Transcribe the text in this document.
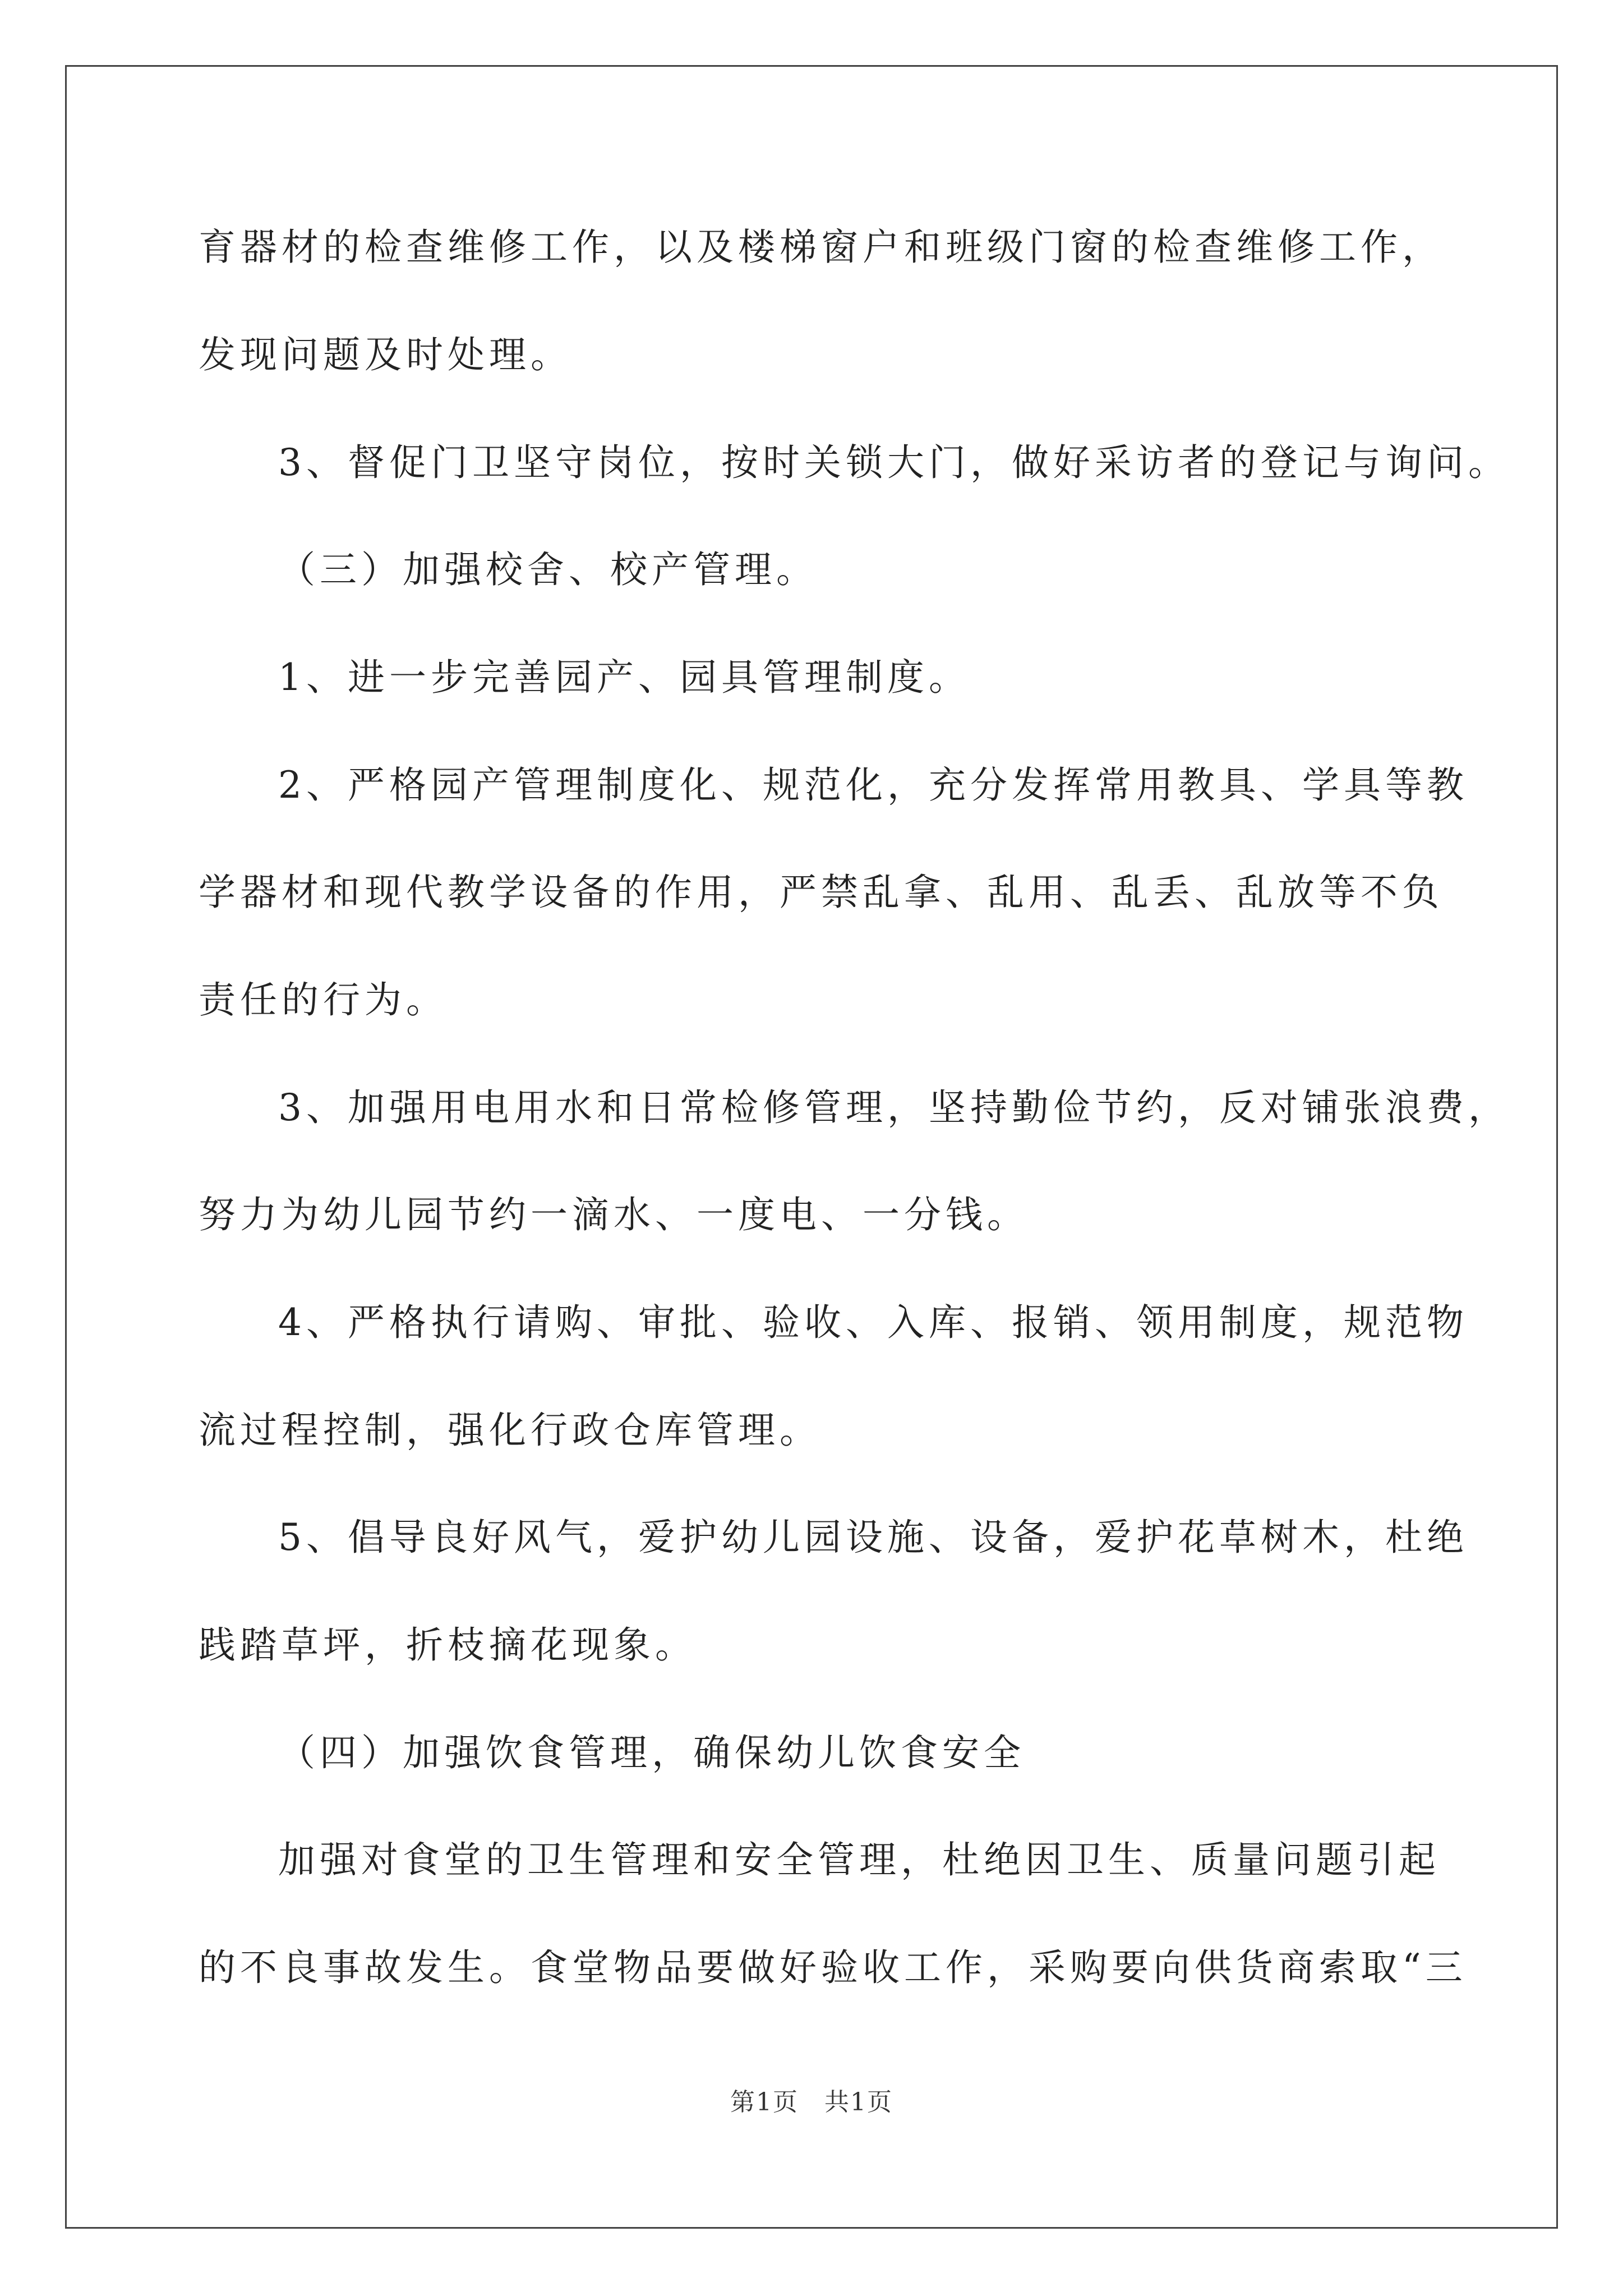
育器材的检查维修工作，以及楼梯窗户和班级门窗的检查维修工作，
发现问题及时处理。
3、督促门卫坚守岗位，按时关锁大门，做好采访者的登记与询问。
（三）加强校舍、校产管理。
1、进一步完善园产、园具管理制度。
2、严格园产管理制度化、规范化，充分发挥常用教具、学具等教
学器材和现代教学设备的作用，严禁乱拿、乱用、乱丢、乱放等不负
责任的行为。
3、加强用电用水和日常检修管理，坚持勤俭节约，反对铺张浪费，
努力为幼儿园节约一滴水、一度电、一分钱。
4、严格执行请购、审批、验收、入库、报销、领用制度，规范物
流过程控制，强化行政仓库管理。
5、倡导良好风气，爱护幼儿园设施、设备，爱护花草树木，杜绝
践踏草坪，折枝摘花现象。
（四）加强饮食管理，确保幼儿饮食安全
加强对食堂的卫生管理和安全管理，杜绝因卫生、质量问题引起
的不良事故发生。食堂物品要做好验收工作，采购要向供货商索取“三
第1页　共1页
